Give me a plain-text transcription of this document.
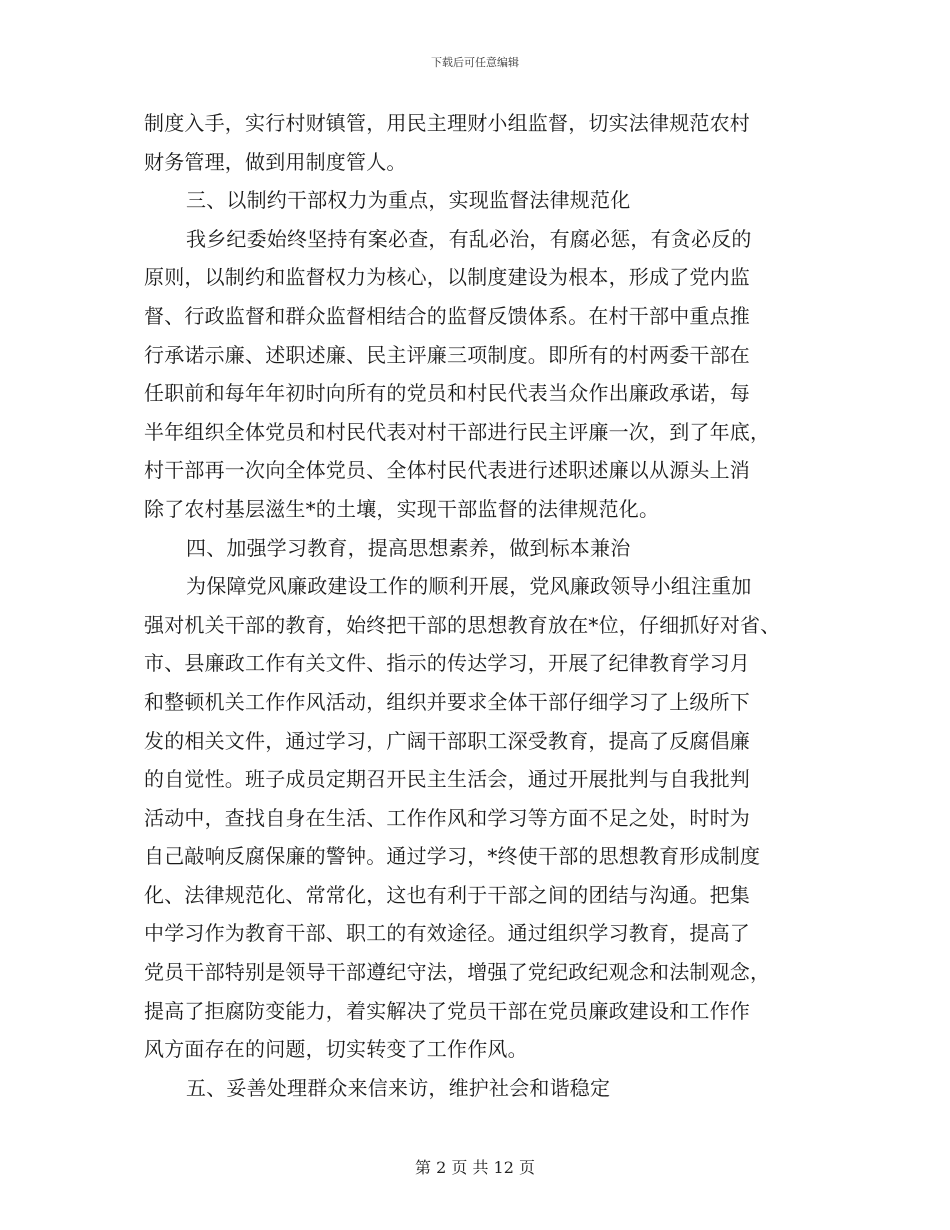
下载后可任意编辑
制度入手，实行村财镇管，用民主理财小组监督，切实法律规范农村
财务管理，做到用制度管人。
三、以制约干部权力为重点，实现监督法律规范化
我乡纪委始终坚持有案必查，有乱必治，有腐必惩，有贪必反的
原则，以制约和监督权力为核心，以制度建设为根本，形成了党内监
督、行政监督和群众监督相结合的监督反馈体系。在村干部中重点推
行承诺示廉、述职述廉、民主评廉三项制度。即所有的村两委干部在
任职前和每年年初时向所有的党员和村民代表当众作出廉政承诺，每
半年组织全体党员和村民代表对村干部进行民主评廉一次，到了年底，
村干部再一次向全体党员、全体村民代表进行述职述廉以从源头上消
除了农村基层滋生*的土壤，实现干部监督的法律规范化。
四、加强学习教育，提高思想素养，做到标本兼治
为保障党风廉政建设工作的顺利开展，党风廉政领导小组注重加
强对机关干部的教育，始终把干部的思想教育放在*位，仔细抓好对省、
市、县廉政工作有关文件、指示的传达学习，开展了纪律教育学习月
和整顿机关工作作风活动，组织并要求全体干部仔细学习了上级所下
发的相关文件，通过学习，广阔干部职工深受教育，提高了反腐倡廉
的自觉性。班子成员定期召开民主生活会，通过开展批判与自我批判
活动中，查找自身在生活、工作作风和学习等方面不足之处，时时为
自己敲响反腐保廉的警钟。通过学习，*终使干部的思想教育形成制度
化、法律规范化、常常化，这也有利于干部之间的团结与沟通。把集
中学习作为教育干部、职工的有效途径。通过组织学习教育，提高了
党员干部特别是领导干部遵纪守法，增强了党纪政纪观念和法制观念，
提高了拒腐防变能力，着实解决了党员干部在党员廉政建设和工作作
风方面存在的问题，切实转变了工作作风。
五、妥善处理群众来信来访，维护社会和谐稳定
第 2 页 共 12 页
